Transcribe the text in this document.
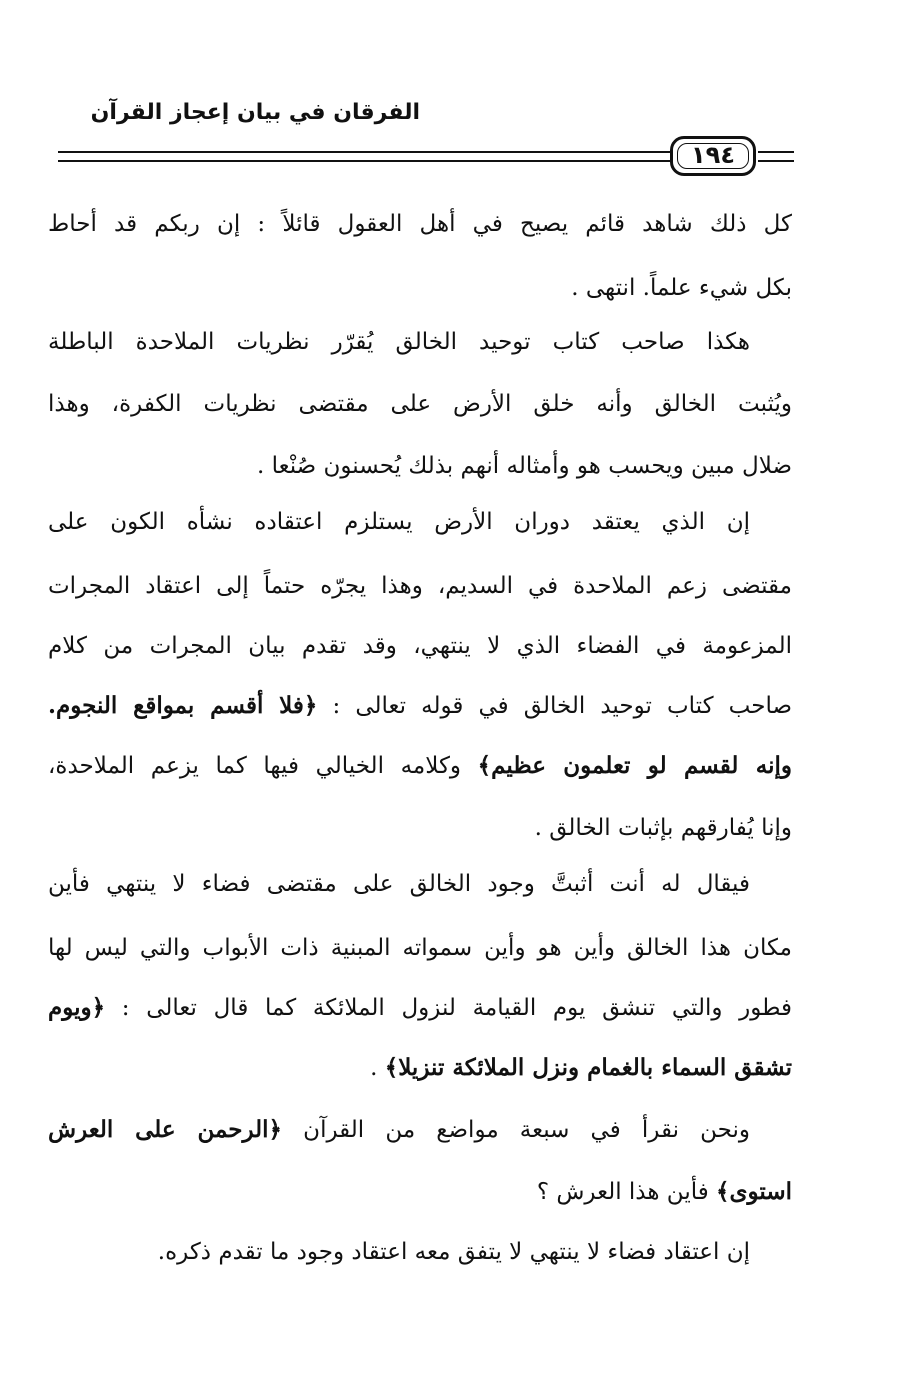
الفرقان في بيان إعجاز القرآن
١٩٤
كل ذلك شاهد قائم يصيح في أهل العقول قائلاً : إن ربكم قد أحاط
بكل شيء علماً. انتهى .
هكذا صاحب كتاب توحيد الخالق يُقرّر نظريات الملاحدة الباطلة
ويُثبت الخالق وأنه خلق الأرض على مقتضى نظريات الكفرة، وهذا
ضلال مبين ويحسب هو وأمثاله أنهم بذلك يُحسنون صُنْعا .
إن الذي يعتقد دوران الأرض يستلزم اعتقاده نشأه الكون على
مقتضى زعم الملاحدة في السديم، وهذا يجرّه حتماً إلى اعتقاد المجرات
المزعومة في الفضاء الذي لا ينتهي، وقد تقدم بيان المجرات من كلام
صاحب كتاب توحيد الخالق في قوله تعالى : ﴿فلا أقسم بمواقع النجوم.
وإنه لقسم لو تعلمون عظيم﴾ وكلامه الخيالي فيها كما يزعم الملاحدة،
وإنا يُفارقهم بإثبات الخالق .
فيقال له أنت أثبتَّ وجود الخالق على مقتضى فضاء لا ينتهي فأين
مكان هذا الخالق وأين هو وأين سمواته المبنية ذات الأبواب والتي ليس لها
فطور والتي تنشق يوم القيامة لنزول الملائكة كما قال تعالى : ﴿ويوم
تشقق السماء بالغمام ونزل الملائكة تنزيلا﴾ .
ونحن نقرأ في سبعة مواضع من القرآن ﴿الرحمن على العرش
استوى﴾ فأين هذا العرش ؟
إن اعتقاد فضاء لا ينتهي لا يتفق معه اعتقاد وجود ما تقدم ذكره.
